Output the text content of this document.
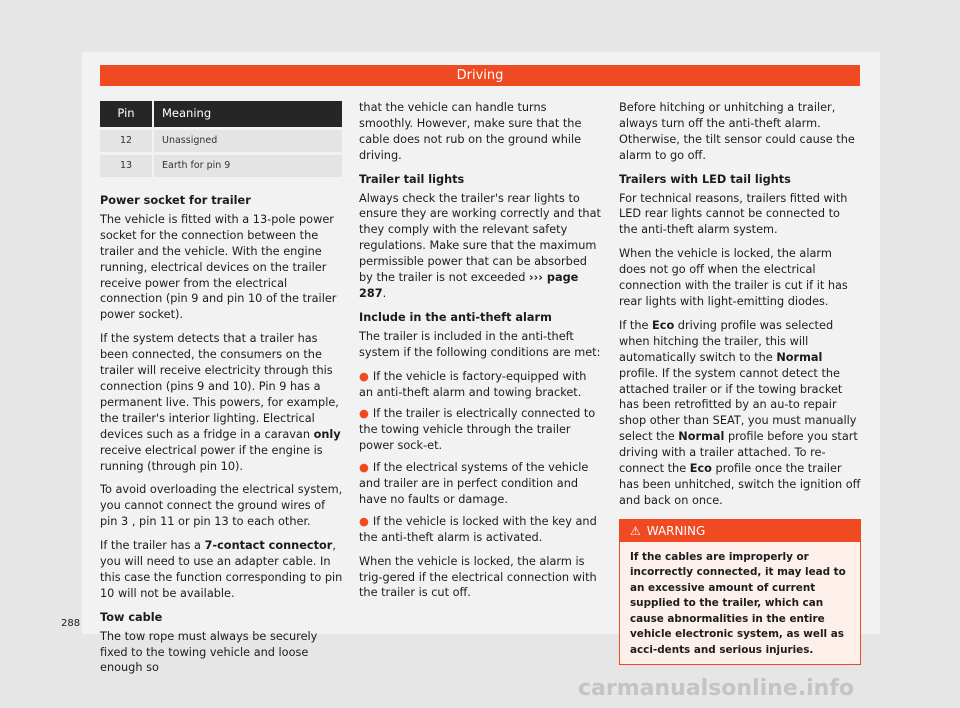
Driving
Pin	Meaning

12	Unassigned

13	Earth for pin 9
Power socket for trailer

The vehicle is fitted with a 13-pole power socket for the connection between the trailer and the vehicle. With the engine running, electrical devices on the trailer receive power from the electrical connection (pin 9 and pin 10 of the trailer power socket).

If the system detects that a trailer has been connected, the consumers on the trailer will receive electricity through this connection (pins 9 and 10). Pin 9 has a permanent live. This powers, for example, the trailer's interior lighting. Electrical devices such as a fridge in a caravan only receive electrical power if the engine is running (through pin 10).

To avoid overloading the electrical system, you cannot connect the ground wires of pin 3 , pin 11 or pin 13 to each other.

If the trailer has a 7-contact connector, you will need to use an adapter cable. In this case the function corresponding to pin 10 will not be available.

Tow cable

The tow rope must always be securely fixed to the towing vehicle and loose enough so

that the vehicle can handle turns smoothly. However, make sure that the cable does not rub on the ground while driving.

Trailer tail lights

Always check the trailer's rear lights to ensure they are working correctly and that they comply with the relevant safety regulations. Make sure that the maximum permissible power that can be absorbed by the trailer is not exceeded ››› page 287.

Include in the anti-theft alarm

The trailer is included in the anti-theft system if the following conditions are met:

● If the vehicle is factory-equipped with an anti-theft alarm and towing bracket.
● If the trailer is electrically connected to the towing vehicle through the trailer power sock-et.
● If the electrical systems of the vehicle and trailer are in perfect condition and have no faults or damage.
● If the vehicle is locked with the key and the anti-theft alarm is activated.

When the vehicle is locked, the alarm is trig-gered if the electrical connection with the trailer is cut off.

Before hitching or unhitching a trailer, always turn off the anti-theft alarm. Otherwise, the tilt sensor could cause the alarm to go off.

Trailers with LED tail lights

For technical reasons, trailers fitted with LED rear lights cannot be connected to the anti-theft alarm system.

When the vehicle is locked, the alarm does not go off when the electrical connection with the trailer is cut if it has rear lights with light-emitting diodes.

If the Eco driving profile was selected when hitching the trailer, this will automatically switch to the Normal profile. If the system cannot detect the attached trailer or if the towing bracket has been retrofitted by an au-to repair shop other than SEAT, you must manually select the Normal profile before you start driving with a trailer attached. To re-connect the Eco profile once the trailer has been unhitched, switch the ignition off and back on once.

⚠ WARNING
If the cables are improperly or incorrectly connected, it may lead to an excessive amount of current supplied to the trailer, which can cause abnormalities in the entire vehicle electronic system, as well as acci-dents and serious injuries.
288
carmanualsonline.info
